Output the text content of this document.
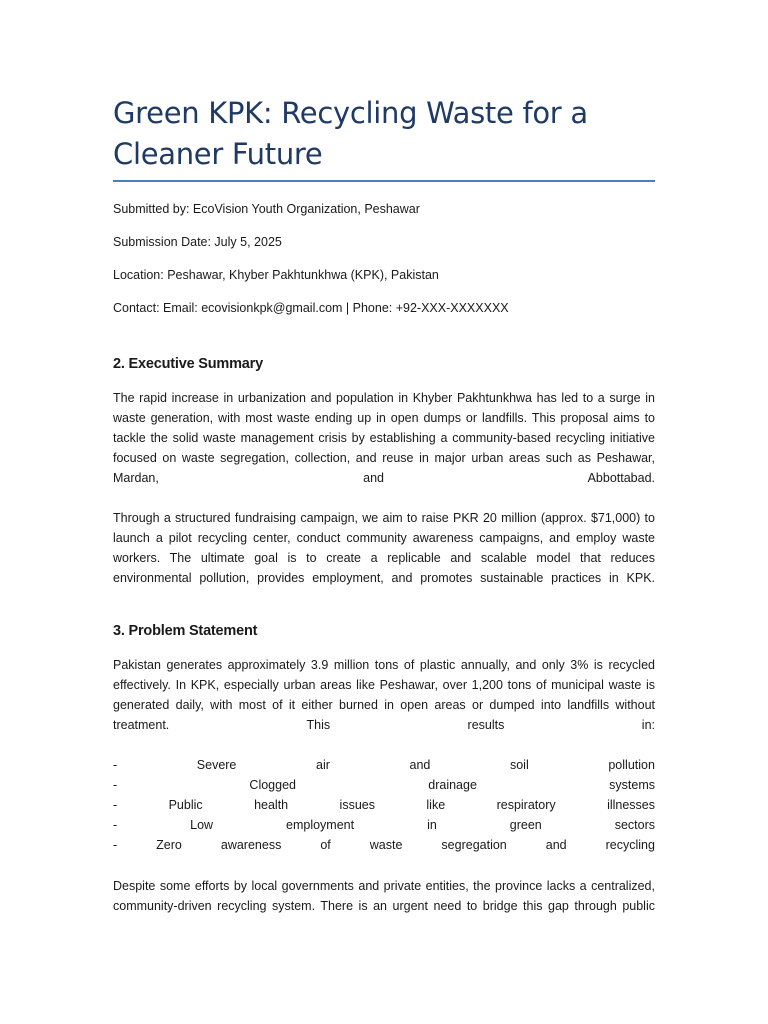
Green KPK: Recycling Waste for a Cleaner Future
Submitted by: EcoVision Youth Organization, Peshawar
Submission Date: July 5, 2025
Location: Peshawar, Khyber Pakhtunkhwa (KPK), Pakistan
Contact: Email: ecovisionkpk@gmail.com | Phone: +92-XXX-XXXXXXX
2. Executive Summary

The rapid increase in urbanization and population in Khyber Pakhtunkhwa has led to a surge in waste generation, with most waste ending up in open dumps or landfills. This proposal aims to tackle the solid waste management crisis by establishing a community-based recycling initiative focused on waste segregation, collection, and reuse in major urban areas such as Peshawar, Mardan, and Abbottabad.

Through a structured fundraising campaign, we aim to raise PKR 20 million (approx. $71,000) to launch a pilot recycling center, conduct community awareness campaigns, and employ waste workers. The ultimate goal is to create a replicable and scalable model that reduces environmental pollution, provides employment, and promotes sustainable practices in KPK.

3. Problem Statement

Pakistan generates approximately 3.9 million tons of plastic annually, and only 3% is recycled effectively. In KPK, especially urban areas like Peshawar, over 1,200 tons of municipal waste is generated daily, with most of it either burned in open areas or dumped into landfills without treatment. This results in:

-	Severe	air	and	soil	pollution
-	Clogged	drainage	systems
-	Public	health	issues	like	respiratory	illnesses
-	Low	employment	in	green	sectors
-	Zero	awareness	of	waste	segregation	and	recycling

Despite some efforts by local governments and private entities, the province lacks a centralized, community-driven recycling system. There is an urgent need to bridge this gap through public
